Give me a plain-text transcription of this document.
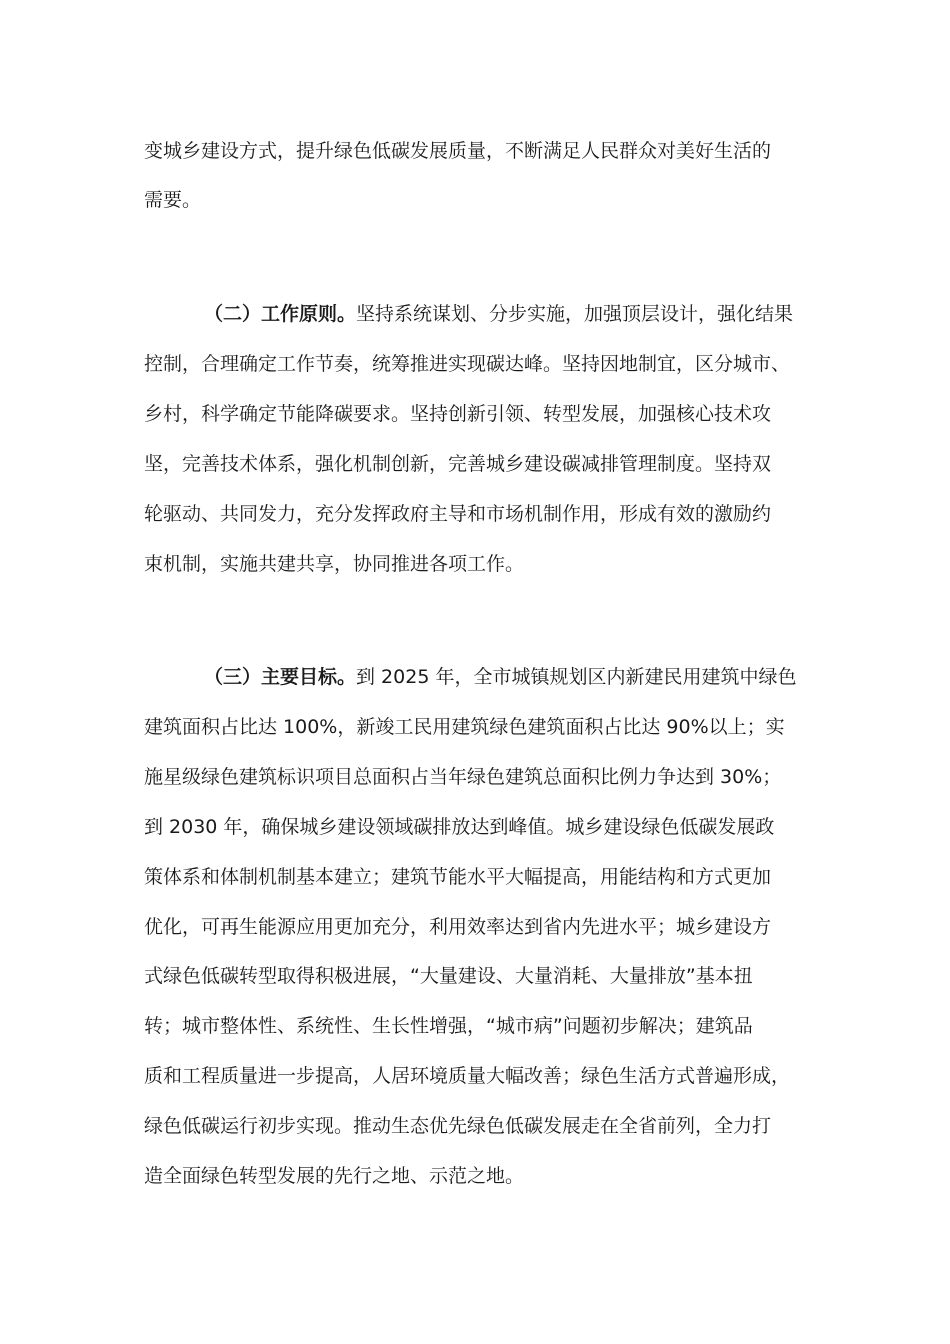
变城乡建设方式，提升绿色低碳发展质量，不断满足人民群众对美好生活的
需要。
（二）工作原则。坚持系统谋划、分步实施，加强顶层设计，强化结果
控制，合理确定工作节奏，统筹推进实现碳达峰。坚持因地制宜，区分城市、
乡村，科学确定节能降碳要求。坚持创新引领、转型发展，加强核心技术攻
坚，完善技术体系，强化机制创新，完善城乡建设碳减排管理制度。坚持双
轮驱动、共同发力，充分发挥政府主导和市场机制作用，形成有效的激励约
束机制，实施共建共享，协同推进各项工作。
（三）主要目标。到 2025 年，全市城镇规划区内新建民用建筑中绿色
建筑面积占比达 100%，新竣工民用建筑绿色建筑面积占比达 90%以上；实
施星级绿色建筑标识项目总面积占当年绿色建筑总面积比例力争达到 30%；
到 2030 年，确保城乡建设领域碳排放达到峰值。城乡建设绿色低碳发展政
策体系和体制机制基本建立；建筑节能水平大幅提高，用能结构和方式更加
优化，可再生能源应用更加充分，利用效率达到省内先进水平；城乡建设方
式绿色低碳转型取得积极进展，“大量建设、大量消耗、大量排放”基本扭
转；城市整体性、系统性、生长性增强，“城市病”问题初步解决；建筑品
质和工程质量进一步提高，人居环境质量大幅改善；绿色生活方式普遍形成，
绿色低碳运行初步实现。推动生态优先绿色低碳发展走在全省前列，全力打
造全面绿色转型发展的先行之地、示范之地。
